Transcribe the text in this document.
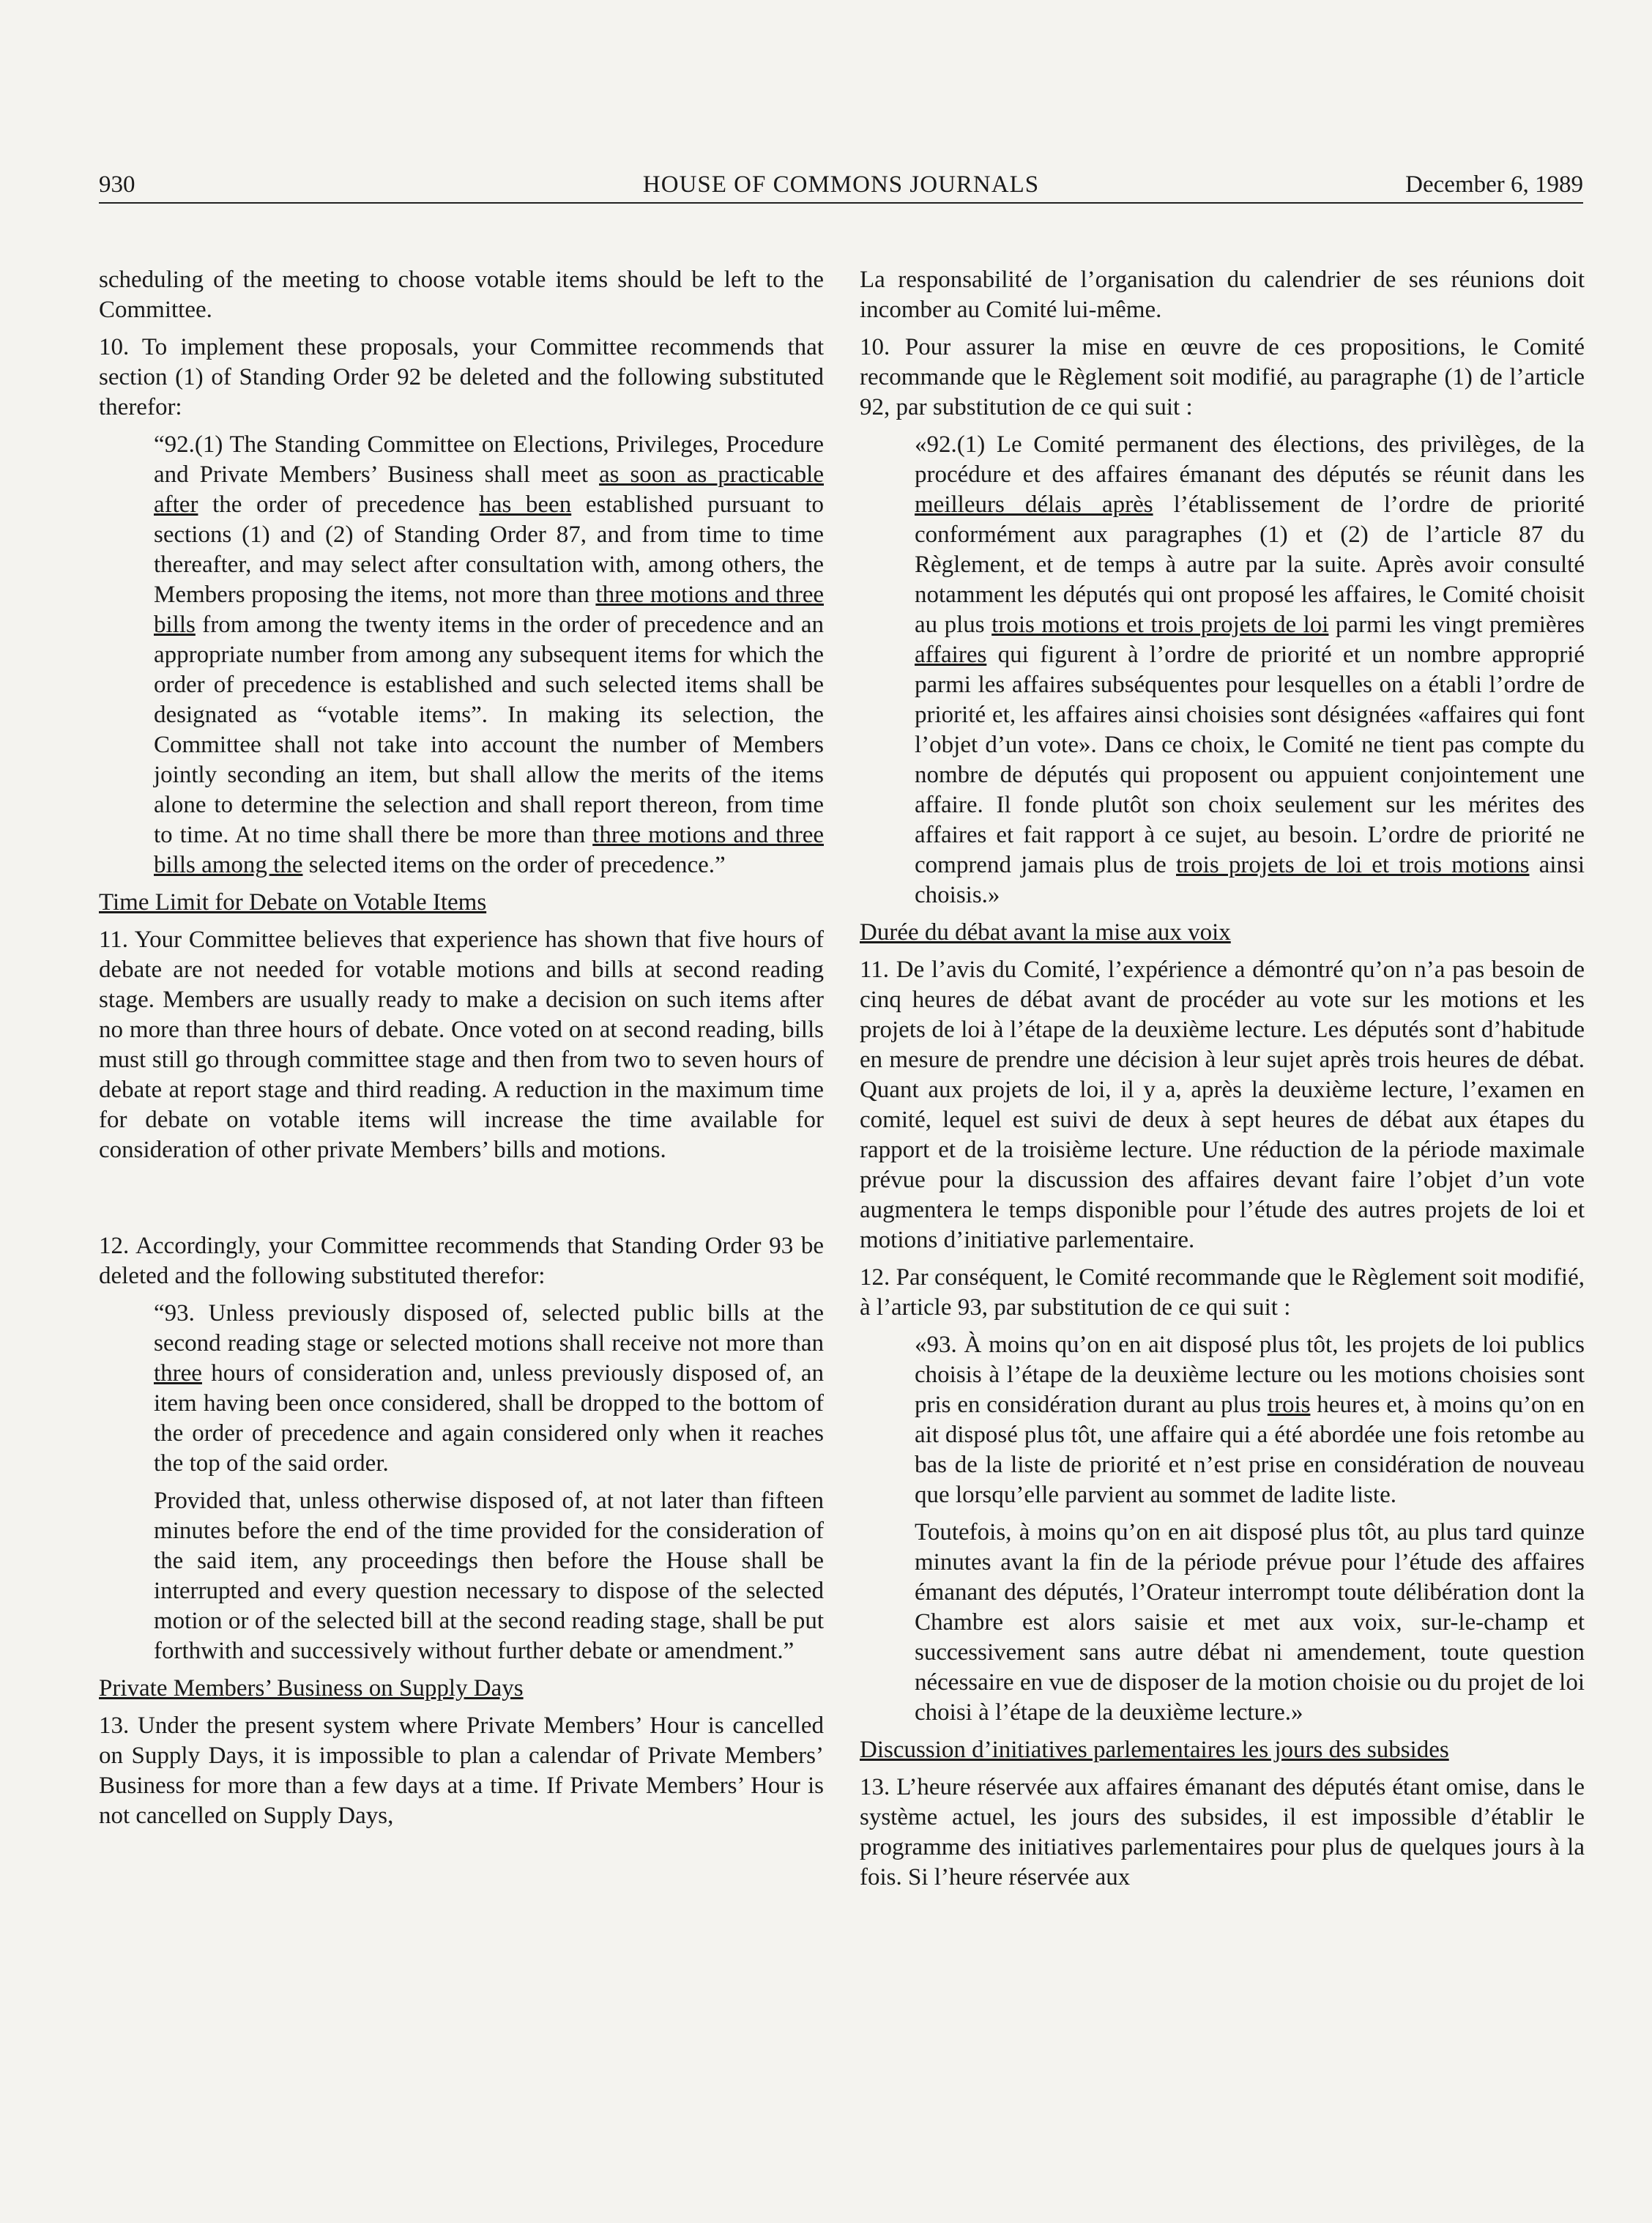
930	HOUSE OF COMMONS JOURNALS	December 6, 1989

scheduling of the meeting to choose votable items should be left to the Committee.

10. To implement these proposals, your Committee recommends that section (1) of Standing Order 92 be deleted and the following substituted therefor:

“92.(1) The Standing Committee on Elections, Privileges, Procedure and Private Members’ Business shall meet as soon as practicable after the order of precedence has been established pursuant to sections (1) and (2) of Standing Order 87, and from time to time thereafter, and may select after consultation with, among others, the Members proposing the items, not more than three motions and three bills from among the twenty items in the order of precedence and an appropriate number from among any subsequent items for which the order of precedence is established and such selected items shall be designated as “votable items”. In making its selection, the Committee shall not take into account the number of Members jointly seconding an item, but shall allow the merits of the items alone to determine the selection and shall report thereon, from time to time. At no time shall there be more than three motions and three bills among the selected items on the order of precedence.”

Time Limit for Debate on Votable Items

11. Your Committee believes that experience has shown that five hours of debate are not needed for votable motions and bills at second reading stage. Members are usually ready to make a decision on such items after no more than three hours of debate. Once voted on at second reading, bills must still go through committee stage and then from two to seven hours of debate at report stage and third reading. A reduction in the maximum time for debate on votable items will increase the time available for consideration of other private Members’ bills and motions.

12. Accordingly, your Committee recommends that Standing Order 93 be deleted and the following substituted therefor:

“93. Unless previously disposed of, selected public bills at the second reading stage or selected motions shall receive not more than three hours of consideration and, unless previously disposed of, an item having been once considered, shall be dropped to the bottom of the order of precedence and again considered only when it reaches the top of the said order.

Provided that, unless otherwise disposed of, at not later than fifteen minutes before the end of the time provided for the consideration of the said item, any proceedings then before the House shall be interrupted and every question necessary to dispose of the selected motion or of the selected bill at the second reading stage, shall be put forthwith and successively without further debate or amendment.”

Private Members’ Business on Supply Days

13. Under the present system where Private Members’ Hour is cancelled on Supply Days, it is impossible to plan a calendar of Private Members’ Business for more than a few days at a time. If Private Members’ Hour is not cancelled on Supply Days,

La responsabilité de l’organisation du calendrier de ses réunions doit incomber au Comité lui-même.

10. Pour assurer la mise en œuvre de ces propositions, le Comité recommande que le Règlement soit modifié, au paragraphe (1) de l’article 92, par substitution de ce qui suit :

«92.(1) Le Comité permanent des élections, des privilèges, de la procédure et des affaires émanant des députés se réunit dans les meilleurs délais après l’établissement de l’ordre de priorité conformément aux paragraphes (1) et (2) de l’article 87 du Règlement, et de temps à autre par la suite. Après avoir consulté notamment les députés qui ont proposé les affaires, le Comité choisit au plus trois motions et trois projets de loi parmi les vingt premières affaires qui figurent à l’ordre de priorité et un nombre approprié parmi les affaires subséquentes pour lesquelles on a établi l’ordre de priorité et, les affaires ainsi choisies sont désignées «affaires qui font l’objet d’un vote». Dans ce choix, le Comité ne tient pas compte du nombre de députés qui proposent ou appuient conjointement une affaire. Il fonde plutôt son choix seulement sur les mérites des affaires et fait rapport à ce sujet, au besoin. L’ordre de priorité ne comprend jamais plus de trois projets de loi et trois motions ainsi choisis.»

Durée du débat avant la mise aux voix

11. De l’avis du Comité, l’expérience a démontré qu’on n’a pas besoin de cinq heures de débat avant de procéder au vote sur les motions et les projets de loi à l’étape de la deuxième lecture. Les députés sont d’habitude en mesure de prendre une décision à leur sujet après trois heures de débat. Quant aux projets de loi, il y a, après la deuxième lecture, l’examen en comité, lequel est suivi de deux à sept heures de débat aux étapes du rapport et de la troisième lecture. Une réduction de la période maximale prévue pour la discussion des affaires devant faire l’objet d’un vote augmentera le temps disponible pour l’étude des autres projets de loi et motions d’initiative parlementaire.

12. Par conséquent, le Comité recommande que le Règlement soit modifié, à l’article 93, par substitution de ce qui suit :

«93. À moins qu’on en ait disposé plus tôt, les projets de loi publics choisis à l’étape de la deuxième lecture ou les motions choisies sont pris en considération durant au plus trois heures et, à moins qu’on en ait disposé plus tôt, une affaire qui a été abordée une fois retombe au bas de la liste de priorité et n’est prise en considération de nouveau que lorsqu’elle parvient au sommet de ladite liste.

Toutefois, à moins qu’on en ait disposé plus tôt, au plus tard quinze minutes avant la fin de la période prévue pour l’étude des affaires émanant des députés, l’Orateur interrompt toute délibération dont la Chambre est alors saisie et met aux voix, sur-le-champ et successivement sans autre débat ni amendement, toute question nécessaire en vue de disposer de la motion choisie ou du projet de loi choisi à l’étape de la deuxième lecture.»

Discussion d’initiatives parlementaires les jours des subsides

13. L’heure réservée aux affaires émanant des députés étant omise, dans le système actuel, les jours des subsides, il est impossible d’établir le programme des initiatives parlementaires pour plus de quelques jours à la fois. Si l’heure réservée aux
